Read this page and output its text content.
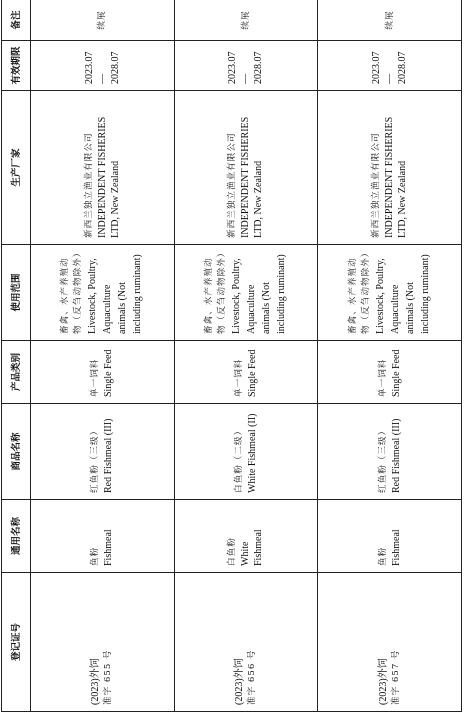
登记证号	通用名称	商品名称	产品类别	使用范围	生产厂家	有效期限	备注

(2023)外饲 准字 655 号	鱼粉 Fishmeal	红鱼粉（三级） Red Fishmeal (III)	单一饲料 Single Feed	畜禽、水产养殖动物（反刍动物除外） Livestock, Poultry, Aquaculture animals (Not including ruminant)	新西兰独立渔业有限公司 INDEPENDENT FISHERIES LTD, New Zealand	2023.07 — 2028.07	续展

(2023)外饲 准字 656 号	白鱼粉 White Fishmeal	白鱼粉（二级） White Fishmeal (II)	单一饲料 Single Feed	畜禽、水产养殖动物（反刍动物除外） Livestock, Poultry, Aquaculture animals (Not including ruminant)	新西兰独立渔业有限公司 INDEPENDENT FISHERIES LTD, New Zealand	2023.07 — 2028.07	续展

(2023)外饲 准字 657 号	鱼粉 Fishmeal	红鱼粉（三级） Red Fishmeal (III)	单一饲料 Single Feed	畜禽、水产养殖动物（反刍动物除外） Livestock, Poultry, Aquaculture animals (Not including ruminant)	新西兰独立渔业有限公司 INDEPENDENT FISHERIES LTD, New Zealand	2023.07 — 2028.07	续展
